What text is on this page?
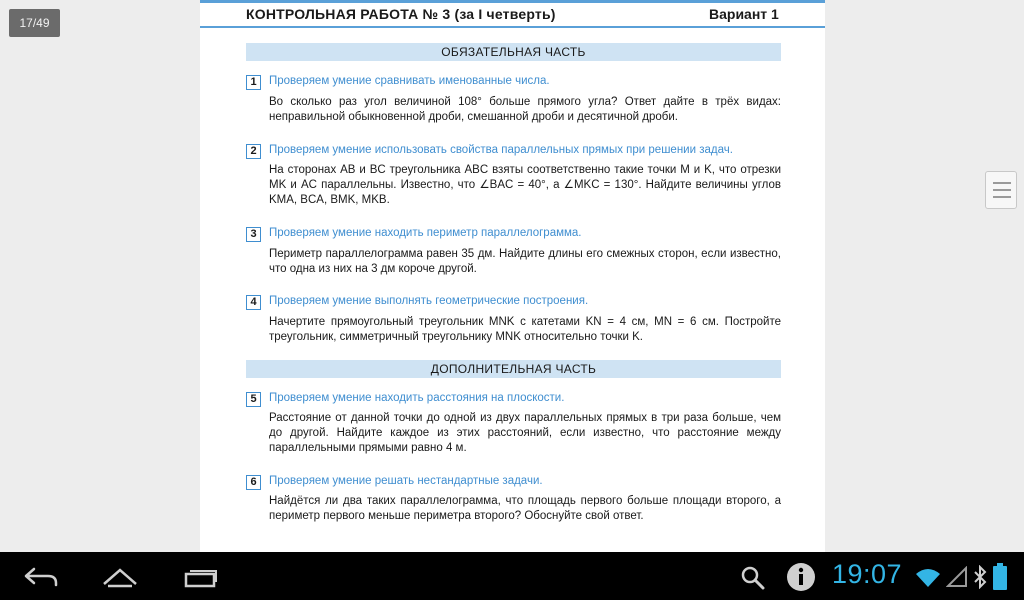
17/49
КОНТРОЛЬНАЯ РАБОТА № 3 (за I четверть)	Вариант 1
ОБЯЗАТЕЛЬНАЯ ЧАСТЬ
1	Проверяем умение сравнивать именованные числа.
Во сколько раз угол величиной 108° больше прямого угла? Ответ дайте в трёх видах: неправильной обыкновенной дроби, смешанной дроби и десятичной дроби.
2	Проверяем умение использовать свойства параллельных прямых при решении задач.
На сторонах AB и BC треугольника ABC взяты соответственно такие точки M и K, что отрезки MK и AC параллельны. Известно, что ∠BAC = 40°, а ∠MKC = 130°. Найдите величины углов KMA, BCA, BMK, MKB.
3	Проверяем умение находить периметр параллелограмма.
Периметр параллелограмма равен 35 дм. Найдите длины его смежных сторон, если известно, что одна из них на 3 дм короче другой.
4	Проверяем умение выполнять геометрические построения.
Начертите прямоугольный треугольник MNK с катетами KN = 4 см, MN = 6 см. Постройте треугольник, симметричный треугольнику MNK относительно точки K.
ДОПОЛНИТЕЛЬНАЯ ЧАСТЬ
5	Проверяем умение находить расстояния на плоскости.
Расстояние от данной точки до одной из двух параллельных прямых в три раза больше, чем до другой. Найдите каждое из этих расстояний, если известно, что расстояние между параллельными прямыми равно 4 м.
6	Проверяем умение решать нестандартные задачи.
Найдётся ли два таких параллелограмма, что площадь первого больше площади второго, а периметр первого меньше периметра второго? Обоснуйте свой ответ.
19:07
